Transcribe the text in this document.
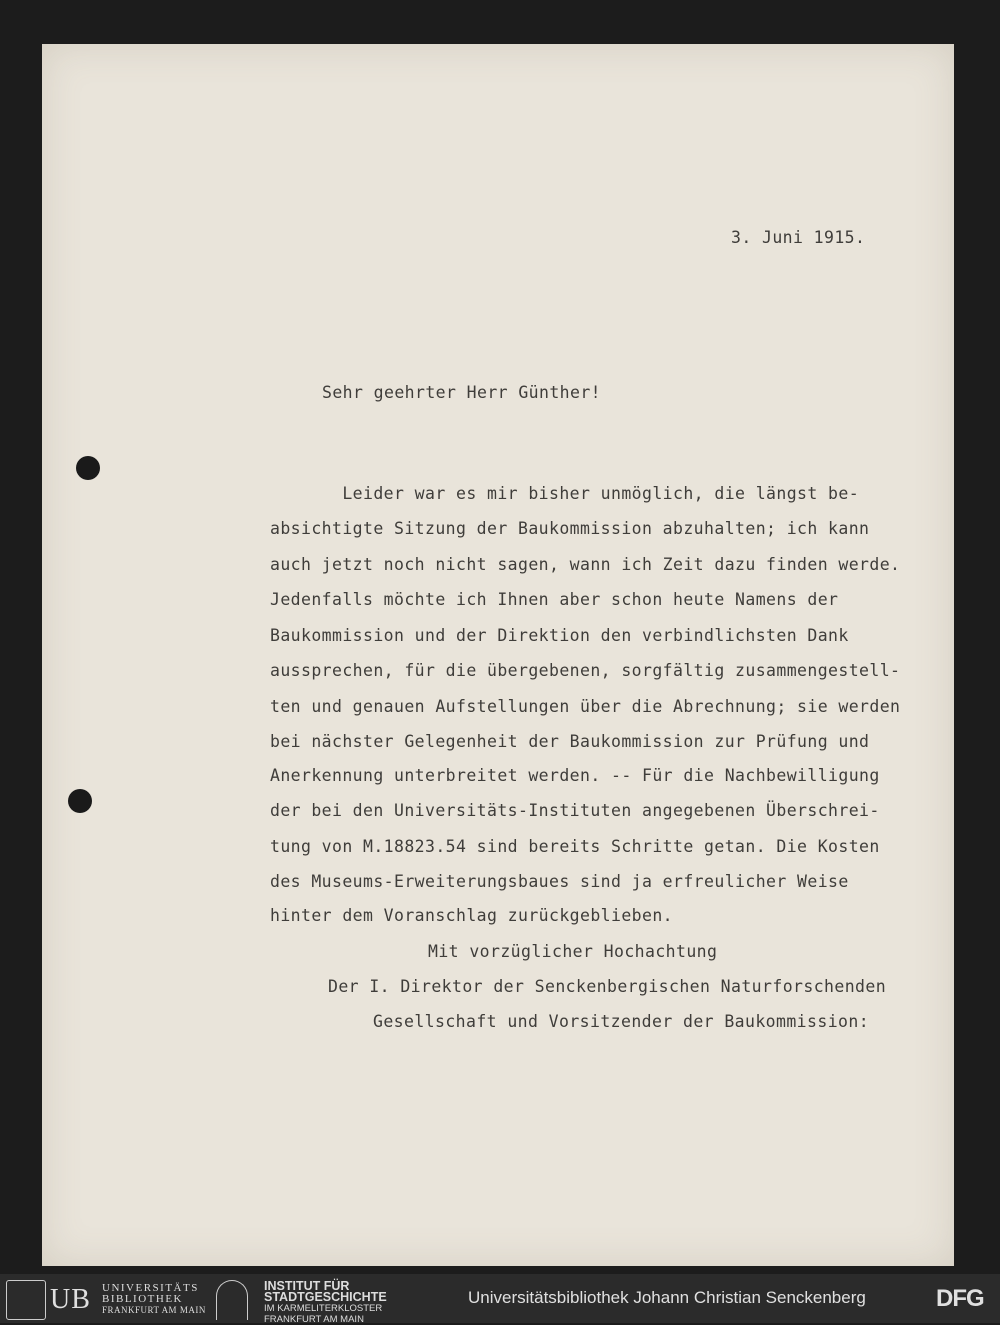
3. Juni 1915.
Sehr geehrter Herr Günther!

Leider war es mir bisher unmöglich, die längst be-

absichtigte Sitzung der Baukommission abzuhalten; ich kann

auch jetzt noch nicht sagen, wann ich Zeit dazu finden werde.

Jedenfalls möchte ich Ihnen aber schon heute Namens der

Baukommission und der Direktion den verbindlichsten Dank

aussprechen, für die übergebenen, sorgfältig zusammengestell-

ten und genauen Aufstellungen über die Abrechnung; sie werden

bei nächster Gelegenheit der Baukommission zur Prüfung und

Anerkennung unterbreitet werden. -- Für die Nachbewilligung

der bei den Universitäts-Instituten angegebenen Überschrei-

tung von M.18823.54 sind bereits Schritte getan. Die Kosten

des Museums-Erweiterungsbaues sind ja erfreulicher Weise

hinter dem Voranschlag zurückgeblieben.

Mit vorzüglicher Hochachtung
Der I. Direktor der Senckenbergischen Naturforschenden
Gesellschaft und Vorsitzender der Baukommission:
UB UNIVERSITÄTS
BIBLIOTHEK
FRANKFURT AM MAIN
INSTITUT FÜR
STADTGESCHICHTE
IM KARMELITERKLOSTER
FRANKFURT AM MAIN
Universitätsbibliothek Johann Christian Senckenberg	DFG
